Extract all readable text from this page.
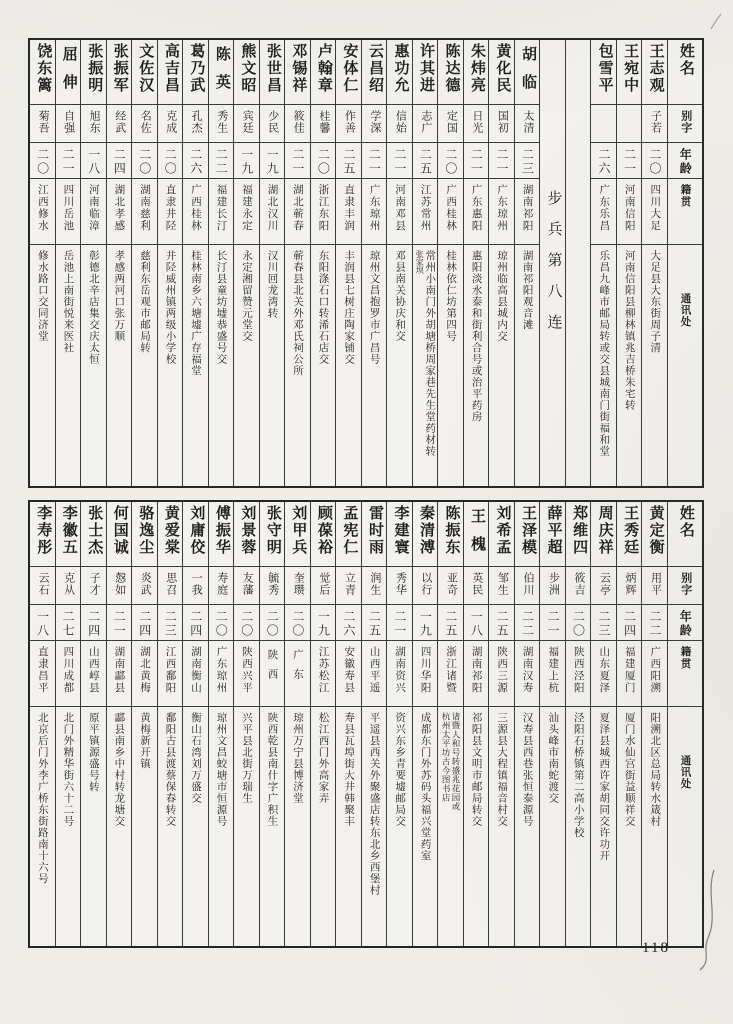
姓名
别字
年龄
籍贯
通讯处
王志观
子若
二〇
四川大足
大足县大东街周子清
王宛中
二一
河南信阳
河南信阳县柳林镇兆吉桥朱宅转
包雪平
二六
广东乐昌
乐昌九峰市邮局转或交县城南门街福和堂
步兵第八连
胡临
太清
二三
湖南祁阳
湖南祁阳观音滩
黄化民
国初
二一
广东琼州
琼州临高县城内交
朱炜亮
日光
二一
广东惠阳
惠阳淡水泰和街利合号或治平药房
陈达德
定国
二〇
广西桂林
桂林依仁坊第四号
许其进
志广
二五
江苏常州
常州小南门外胡塘桥周家巷先生堂药材转
张家坝
惠功允
信始
二一
河南邓县
邓县南关协庆和交
云昌绍
学深
二一
广东琼州
琼州文昌抱罗市广昌号
安体仁
作善
二五
直隶丰润
丰润县七树庄陶家铺交
卢翰章
桂馨
二〇
浙江东阳
东阳涤石口转浠石店交
邓锡祥
筱佳
二一
湖北蕲春
蕲春县北关外邓氏祠公所
张世昌
少民
一九
湖北汉川
汉川回龙湾转
熊文昭
宾廷
一九
福建永定
永定湘留赞元堂交
陈英
秀生
二二
福建长汀
长汀县童坊墟恭盛号交
葛乃武
孔杰
二六
广西桂林
桂林南乡六塘墟广存福堂
高吉昌
克成
二〇
直隶井陉
井陉威州镇两级小学校
文佐汉
名佐
二〇
湖南慈利
慈利东岳观市邮局转
张振军
经武
二四
湖北孝感
孝感两河口张万顺
张振明
旭东
一八
河南临漳
彰德北辛店集交庆太恒
屈伸
自强
二一
四川岳池
岳池上南街悦来医社
饶东篱
菊吾
二〇
江西修水
修水路口交同济堂
姓名
别字
年龄
籍贯
通讯处
黄定衡
用平
二二
广西阳溯
阳溯北区总局转水箴村
王秀廷
炳辉
二四
福建厦门
厦门水仙宫街益顺祥交
周庆祥
云亭
二三
山东夏泽
夏泽县城西许家胡同交许功开
郑维四
筱吉
二〇
陕西泾阳
泾阳石桥镇第二高小学校
薛平超
步洲
二一
福建上杭
汕头峰市南蛇渡交
王泽模
伯川
二二
湖南汉寿
汉寿县西巷张恒泰源号
刘希孟
邹生
二五
陕西三源
三源县大程镇福音村交
王槐
英民
一八
湖南祁阳
祁阳县文明市邮局转交
陈振东
亚奇
二五
浙江诸暨
诸暨人和号转盛兆花园或
杭州太平坊古今图书店
秦清溥
以行
一九
四川华阳
成都东门外苏码头福兴堂药室
李建寰
秀华
二一
湖南资兴
资兴东乡青要墟邮局交
雷时雨
润生
二五
山西平遥
平遥县西关外聚盛店转东北乡西堡村
孟宪仁
立青
二六
安徽寿县
寿县瓦埠街大井韩聚丰
顾葆裕
觉后
一九
江苏松江
松江西门外高家弄
刘甲兵
奎瓒
二〇
广东
琼州万宁县博济堂
张守明
毓秀
二〇
陕西
陕西乾县南什字广积生
刘景蓉
友藩
二〇
陕西兴平
兴平县北街万瑞生
傅振华
寿庭
二〇
广东琼州
琼州文昌蛟塘市恒源号
刘庸佼
一我
二四
湖南衡山
衡山石湾刘万盛交
黄爱棠
思召
二三
江西鄱阳
鄱阳古县渡蔡保春转交
骆逸尘
炎武
二四
湖北黄梅
黄梅新开镇
何国诚
慤如
二一
湖南酃县
酃县南乡中村转龙塘交
张士杰
子才
二四
山西崞县
原平镇源盛号转
李徽五
克从
二七
四川成都
北门外精华街六十二号
李寿彤
云石
一八
直隶昌平
北京后门外李广桥东街路南十六号
118
